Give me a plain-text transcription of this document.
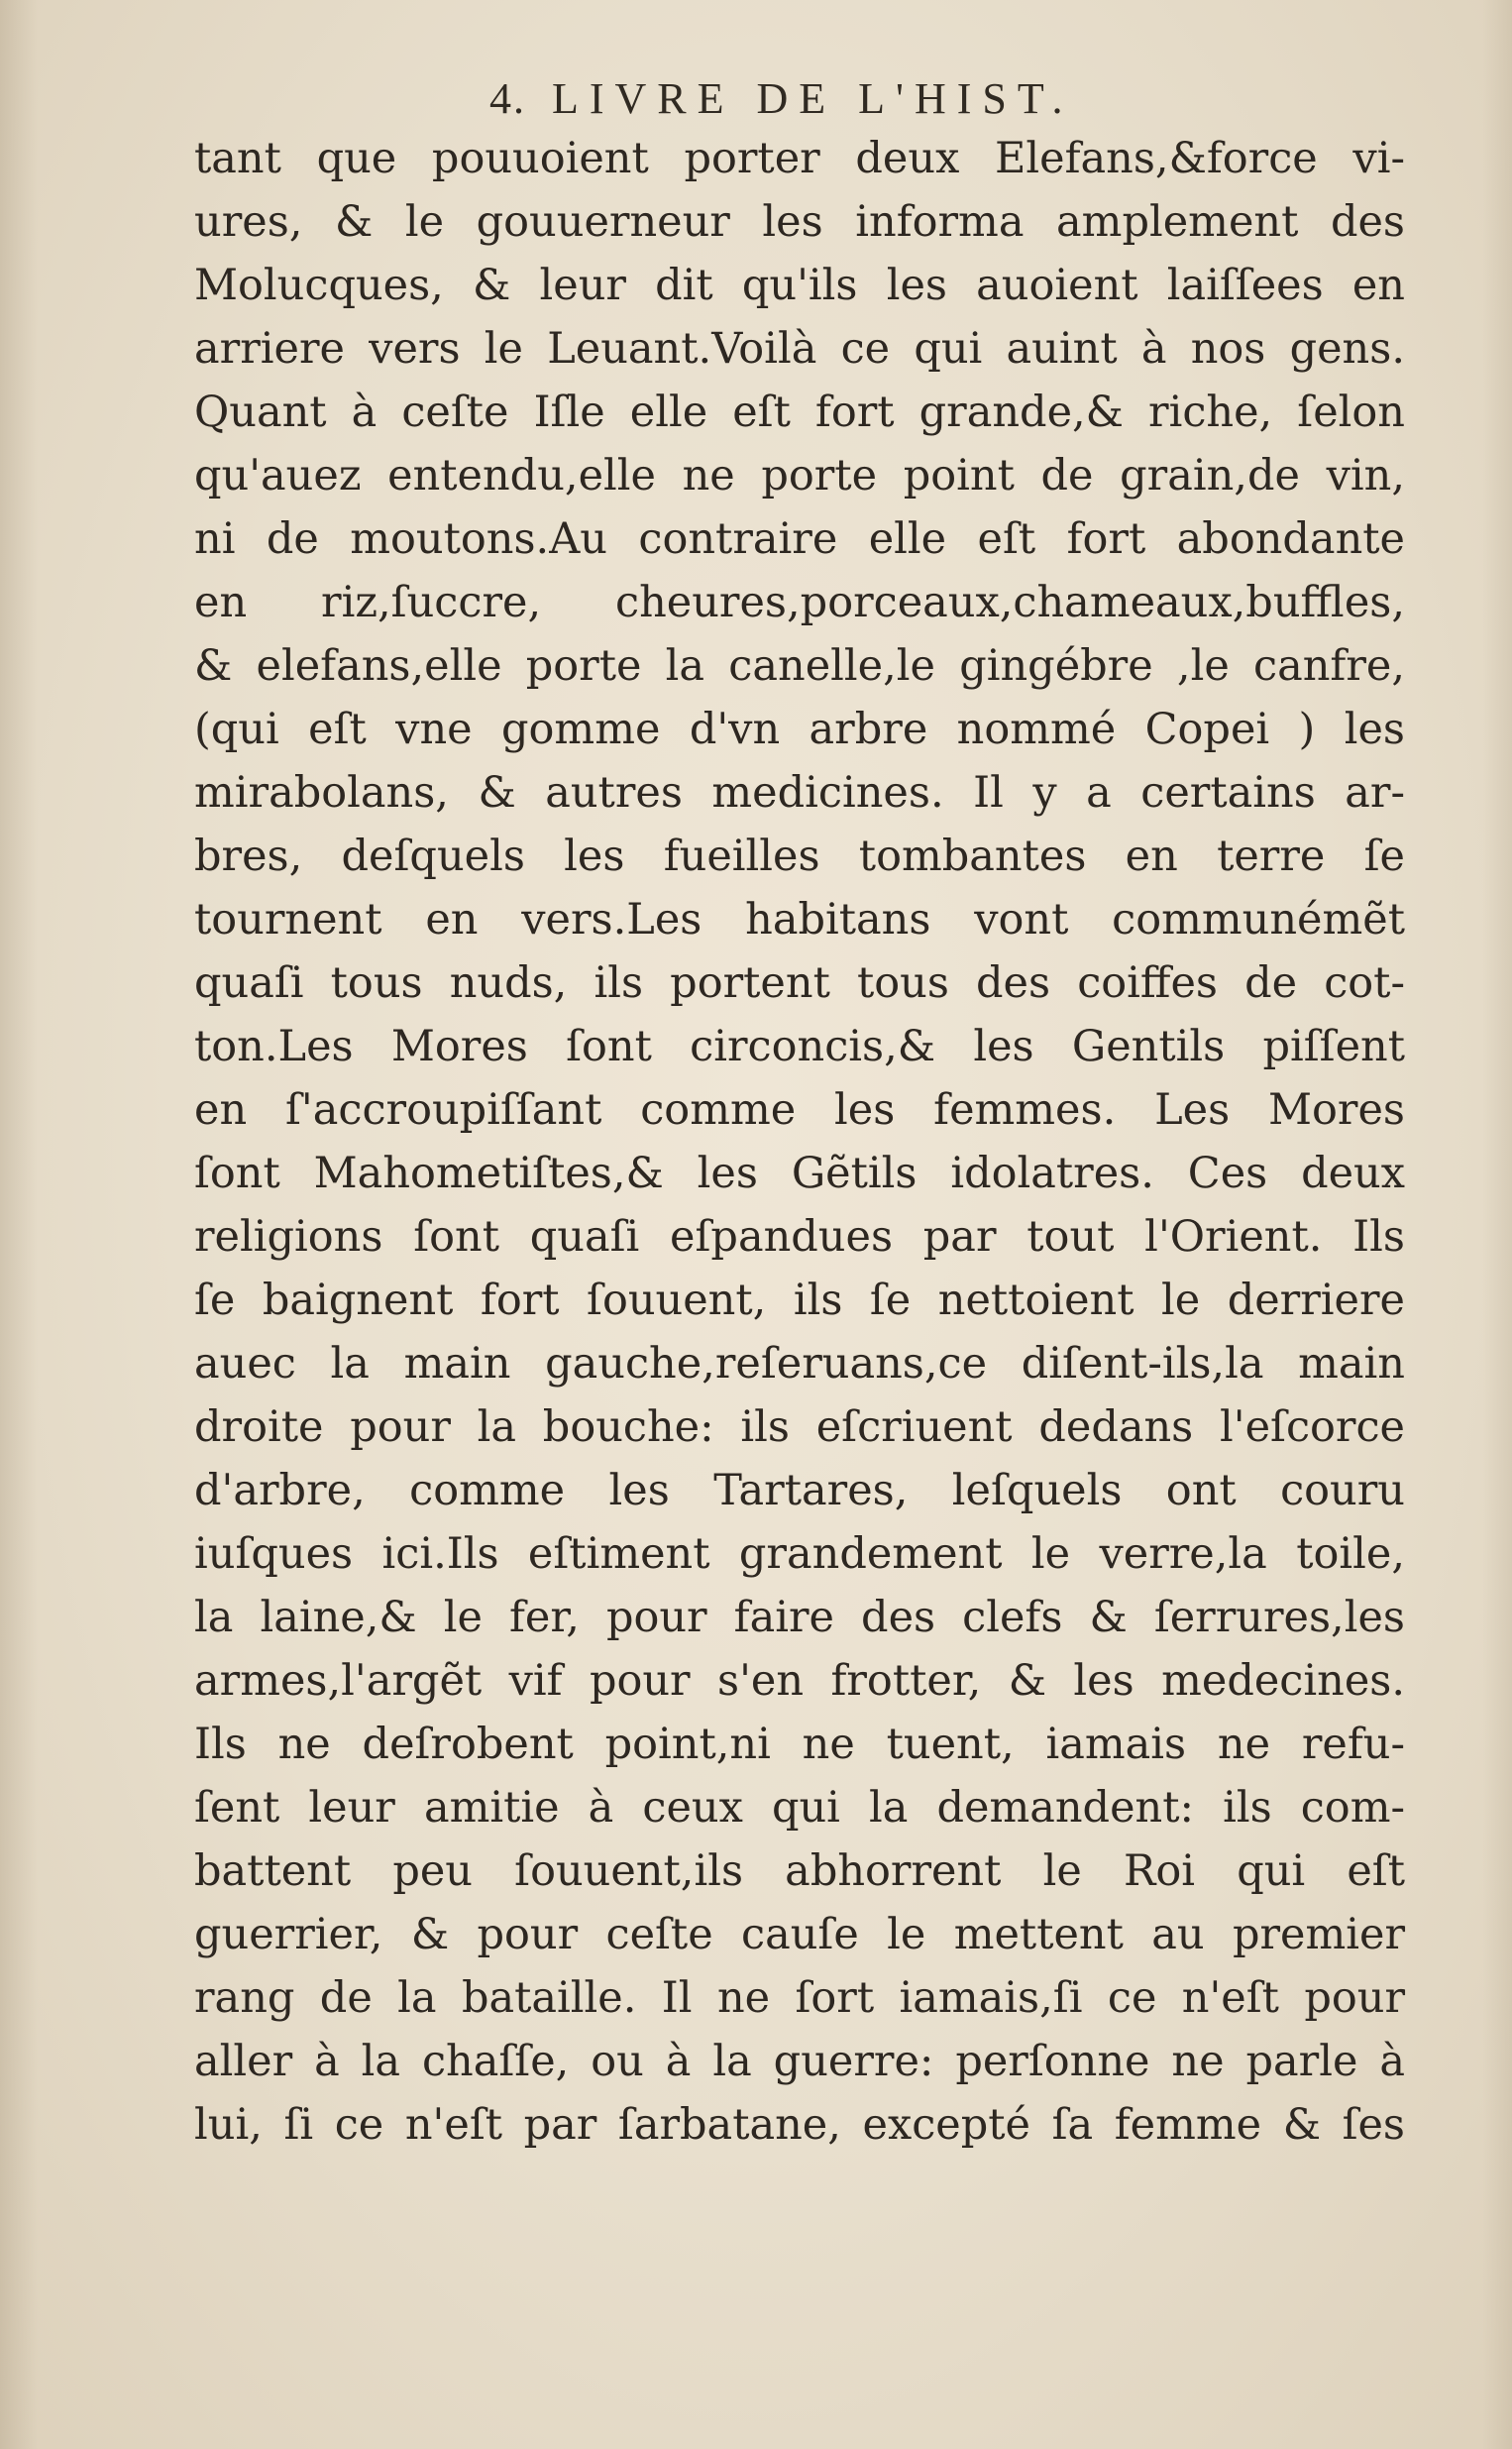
4. LIVRE DE L'HIST.
tant que pouuoient porter deux Elefans,&force vi-
ures, & le gouuerneur les informa amplement des
Molucques, & leur dit qu'ils les auoient laiſſees en
arriere vers le Leuant.Voilà ce qui auint à nos gens.
Quant à ceſte Iſle elle eſt fort grande,& riche, ſelon
qu'auez entendu,elle ne porte point de grain,de vin,
ni de moutons.Au contraire elle eſt fort abondante
en riz,ſuccre, cheures,porceaux,chameaux,buffles,
& elefans,elle porte la canelle,le gingébre ,le canfre,
(qui eſt vne gomme d'vn arbre nommé Copei ) les
mirabolans, & autres medicines. Il y a certains ar-
bres, deſquels les fueilles tombantes en terre ſe
tournent en vers.Les habitans vont communémẽt
quaſi tous nuds, ils portent tous des coiffes de cot-
ton.Les Mores ſont circoncis,& les Gentils piſſent
en ſ'accroupiſſant comme les femmes. Les Mores
ſont Mahometiſtes,& les Gẽtils idolatres. Ces deux
religions ſont quaſi eſpandues par tout l'Orient. Ils
ſe baignent fort ſouuent, ils ſe nettoient le derriere
auec la main gauche,reſeruans,ce diſent-ils,la main
droite pour la bouche: ils eſcriuent dedans l'eſcorce
d'arbre, comme les Tartares, leſquels ont couru
iuſques ici.Ils eſtiment grandement le verre,la toile,
la laine,& le fer, pour faire des clefs & ſerrures,les
armes,l'argẽt vif pour s'en frotter, & les medecines.
Ils ne deſrobent point,ni ne tuent, iamais ne refu-
ſent leur amitie à ceux qui la demandent: ils com-
battent peu ſouuent,ils abhorrent le Roi qui eſt
guerrier, & pour ceſte cauſe le mettent au premier
rang de la bataille. Il ne ſort iamais,ſi ce n'eſt pour
aller à la chaſſe, ou à la guerre: perſonne ne parle à
lui, ſi ce n'eſt par ſarbatane, excepté ſa femme & ſes
